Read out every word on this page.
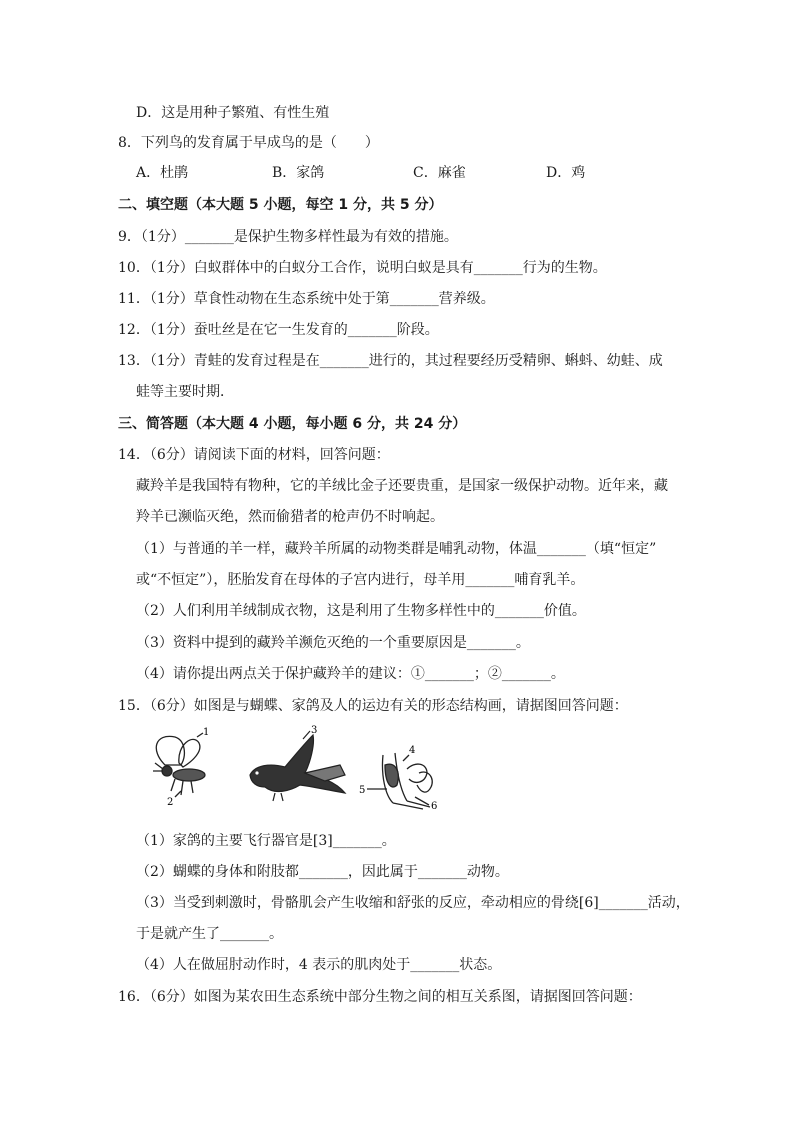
D．这是用种子繁殖、有性生殖
8．下列鸟的发育属于早成鸟的是（　　）
A．杜鹃	B．家鸽	C．麻雀	D．鸡
二、填空题（本大题 5 小题，每空 1 分，共 5 分）
9．（1分）_______是保护生物多样性最为有效的措施。
10．（1分）白蚁群体中的白蚁分工合作，说明白蚁是具有_______行为的生物。
11．（1分）草食性动物在生态系统中处于第_______营养级。
12．（1分）蚕吐丝是在它一生发育的_______阶段。
13．（1分）青蛙的发育过程是在_______进行的，其过程要经历受精卵、蝌蚪、幼蛙、成
蛙等主要时期．
三、简答题（本大题 4 小题，每小题 6 分，共 24 分）
14．（6分）请阅读下面的材料，回答问题：
藏羚羊是我国特有物种，它的羊绒比金子还要贵重，是国家一级保护动物。近年来，藏
羚羊已濒临灭绝，然而偷猎者的枪声仍不时响起。
（1）与普通的羊一样，藏羚羊所属的动物类群是哺乳动物，体温_______（填“恒定”
或“不恒定”），胚胎发育在母体的子宫内进行，母羊用_______哺育乳羊。
（2）人们利用羊绒制成衣物，这是利用了生物多样性中的_______价值。
（3）资料中提到的藏羚羊濒危灭绝的一个重要原因是_______。
（4）请你提出两点关于保护藏羚羊的建议：①_______；②_______。
15．（6分）如图是与蝴蝶、家鸽及人的运边有关的形态结构画，请据图回答问题：
1
2
3
4
5
6
（1）家鸽的主要飞行器官是[3]_______。
（2）蝴蝶的身体和附肢都_______，因此属于_______动物。
（3）当受到刺激时，骨骼肌会产生收缩和舒张的反应，牵动相应的骨绕[6]_______活动，
于是就产生了_______。
（4）人在做屈肘动作时，4 表示的肌肉处于_______状态。
16．（6分）如图为某农田生态系统中部分生物之间的相互关系图，请据图回答问题：
